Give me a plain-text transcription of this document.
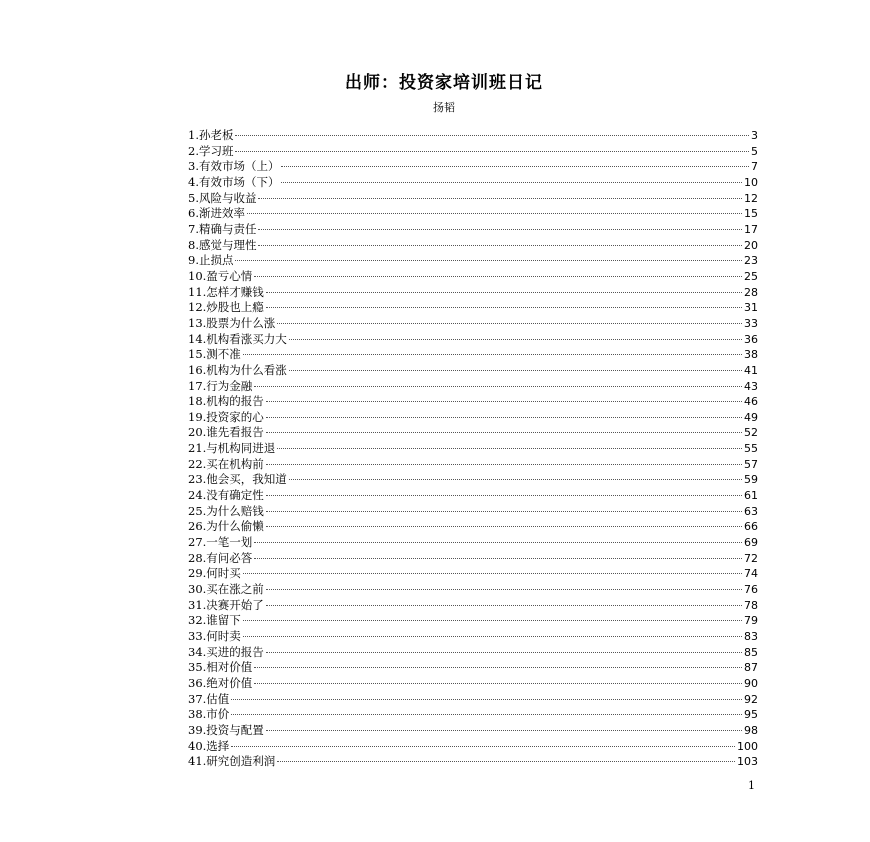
出师：投资家培训班日记
扬韬
1.孙老板	3
2.学习班	5
3.有效市场（上）	7
4.有效市场（下）	10
5.风险与收益	12
6.渐进效率	15
7.精确与责任	17
8.感觉与理性	20
9.止损点	23
10.盈亏心情	25
11.怎样才赚钱	28
12.炒股也上瘾	31
13.股票为什么涨	33
14.机构看涨买力大	36
15.测不准	38
16.机构为什么看涨	41
17.行为金融	43
18.机构的报告	46
19.投资家的心	49
20.谁先看报告	52
21.与机构同进退	55
22.买在机构前	57
23.他会买，我知道	59
24.没有确定性	61
25.为什么赔钱	63
26.为什么偷懒	66
27.一笔一划	69
28.有问必答	72
29.何时买	74
30.买在涨之前	76
31.决赛开始了	78
32.谁留下	79
33.何时卖	83
34.买进的报告	85
35.相对价值	87
36.绝对价值	90
37.估值	92
38.市价	95
39.投资与配置	98
40.选择	100
41.研究创造利润	103
1
